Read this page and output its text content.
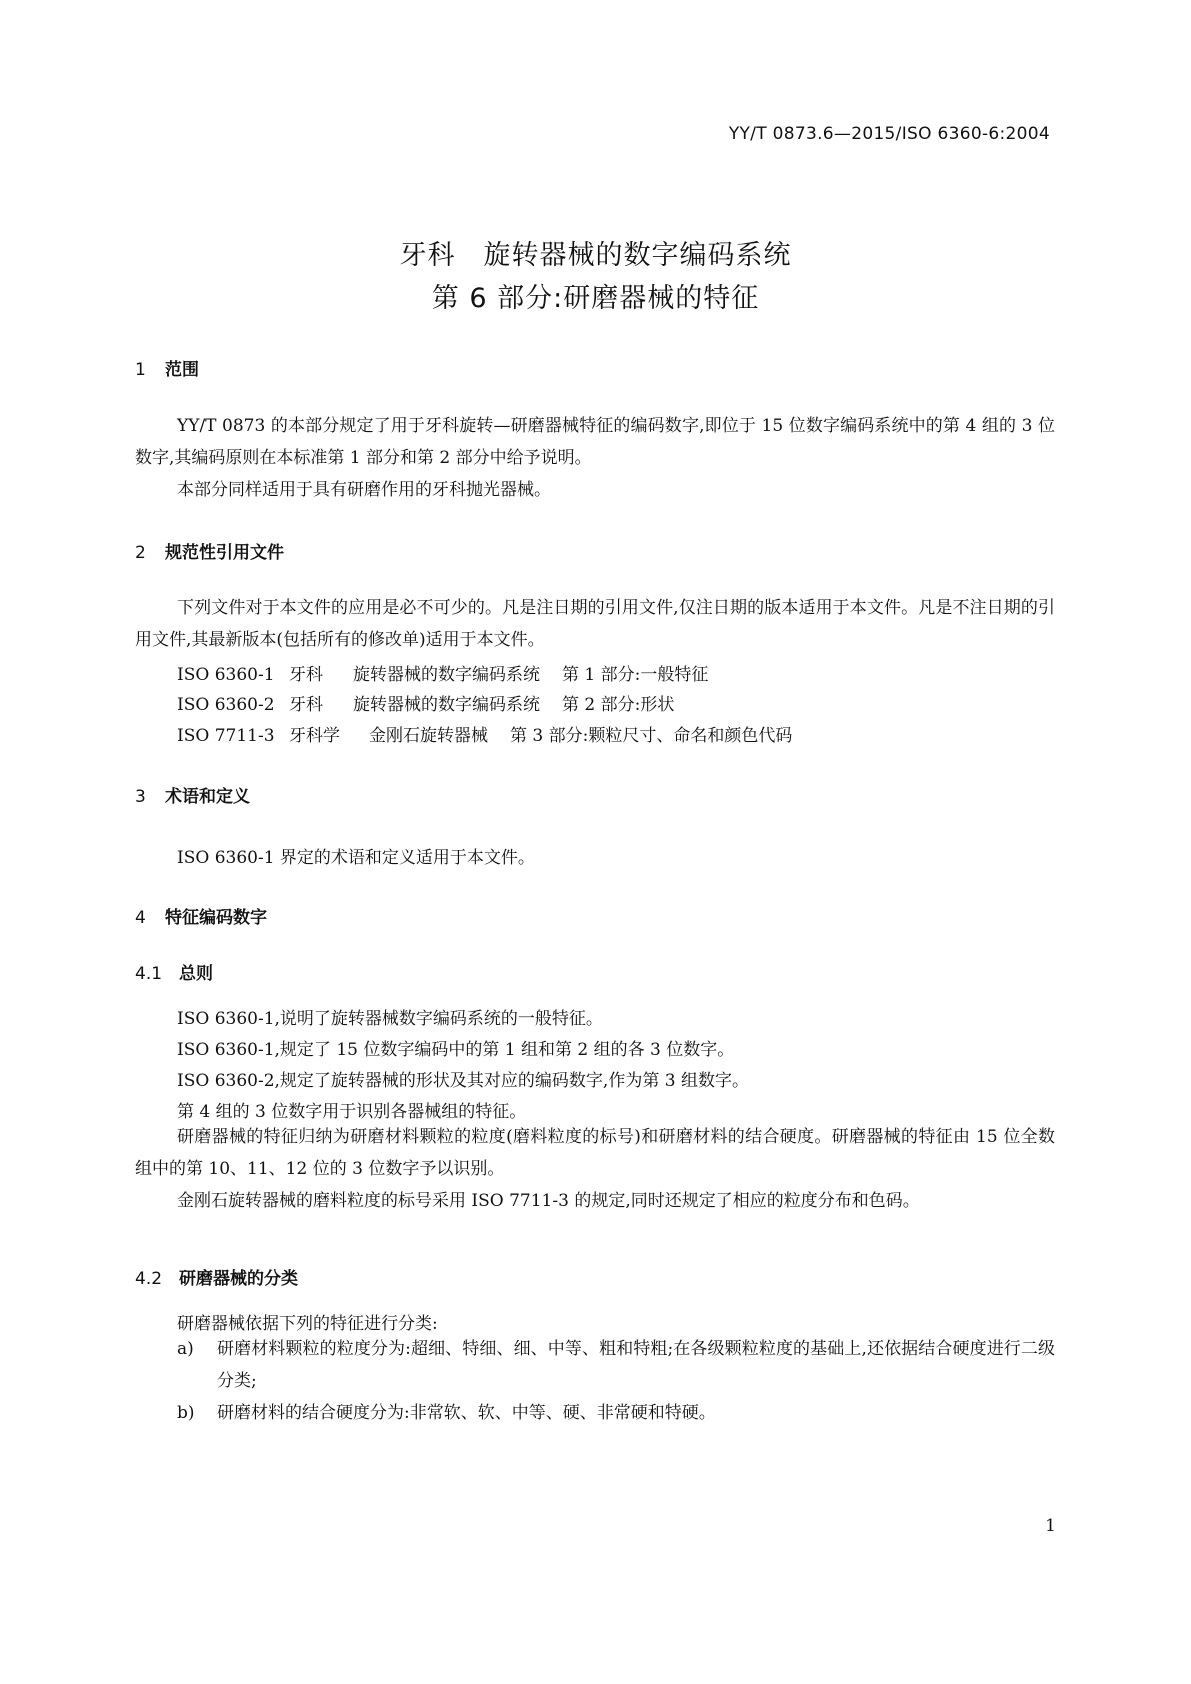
YY/T 0873.6—2015/ISO 6360-6:2004
牙科　旋转器械的数字编码系统
第 6 部分:研磨器械的特征
1 范围
YY/T 0873 的本部分规定了用于牙科旋转—研磨器械特征的编码数字,即位于 15 位数字编码系统中的第 4 组的 3 位数字,其编码原则在本标准第 1 部分和第 2 部分中给予说明。
本部分同样适用于具有研磨作用的牙科抛光器械。
2 规范性引用文件
下列文件对于本文件的应用是必不可少的。凡是注日期的引用文件,仅注日期的版本适用于本文件。凡是不注日期的引用文件,其最新版本(包括所有的修改单)适用于本文件。
ISO 6360-1 牙科 旋转器械的数字编码系统 第 1 部分:一般特征
ISO 6360-2 牙科 旋转器械的数字编码系统 第 2 部分:形状
ISO 7711-3 牙科学 金刚石旋转器械 第 3 部分:颗粒尺寸、命名和颜色代码
3 术语和定义
ISO 6360-1 界定的术语和定义适用于本文件。
4 特征编码数字
4.1 总则
ISO 6360-1,说明了旋转器械数字编码系统的一般特征。
ISO 6360-1,规定了 15 位数字编码中的第 1 组和第 2 组的各 3 位数字。
ISO 6360-2,规定了旋转器械的形状及其对应的编码数字,作为第 3 组数字。
第 4 组的 3 位数字用于识别各器械组的特征。
研磨器械的特征归纳为研磨材料颗粒的粒度(磨料粒度的标号)和研磨材料的结合硬度。研磨器械的特征由 15 位全数组中的第 10、11、12 位的 3 位数字予以识别。
金刚石旋转器械的磨料粒度的标号采用 ISO 7711-3 的规定,同时还规定了相应的粒度分布和色码。
4.2 研磨器械的分类
研磨器械依据下列的特征进行分类:
a)	研磨材料颗粒的粒度分为:超细、特细、细、中等、粗和特粗;在各级颗粒粒度的基础上,还依据结合硬度进行二级分类;
b)	研磨材料的结合硬度分为:非常软、软、中等、硬、非常硬和特硬。
1
